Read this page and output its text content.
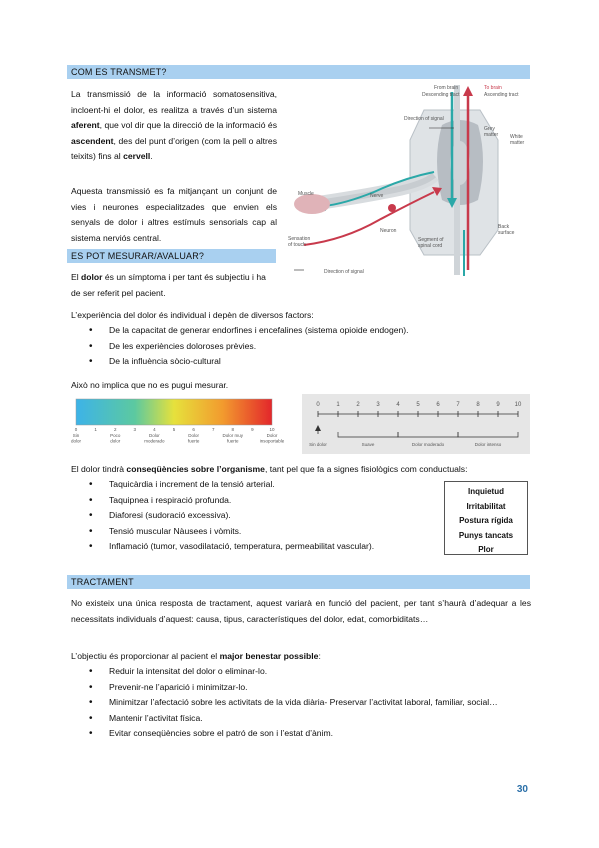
COM ES TRANSMET?

La transmissió de la informació somatosensitiva, incloent-hi el dolor, es realitza a través d’un sistema aferent, que vol dir que la direcció de la informació és ascendent, des del punt d’origen (com la pell o altres teixits) fins al cervell.

Aquesta transmissió es fa mitjançant un conjunt de vies i neurones especialitzades que envien els senyals de dolor i altres estímuls sensorials cap al sistema nerviós central.

From brain
Descending tract
To brain
Ascending tract
Direction of signal
Grey
matter White
matter
Muscle	Nerve
Neuron
Sensation
of touch
Segment of
spinal cord
Back
surface
Direction of signal
ES POT MESURAR/AVALUAR?

El dolor és un símptoma i per tant és subjectiu i ha de ser referit pel pacient.

L’experiència del dolor és individual i depèn de diversos factors:

• De la capacitat de generar endorfines i encefalines (sistema opioide endogen).
• De les experiències doloroses prèvies.
• De la influència sòcio-cultural

Això no implica que no es pugui mesurar.

0	1	2	3	4	5	6	7	8	9	10
Sin
dolor
Poco
dolor
Dolor
moderado
Dolor
fuerte
Dolor muy
fuerte
Dolor
insoportable
0	1	2	3	4	5	6	7	8	9 10
Sin dolor	Suave	Dolor moderado	Dolor intenso

El dolor tindrà conseqüències sobre l’organisme, tant pel que fa a signes fisiològics com conductuals:

• Taquicàrdia i increment de la tensió arterial.
• Taquipnea i respiració profunda.
• Diaforesi (sudoració excessiva).
• Tensió muscular Nàusees i vòmits.
• Inflamació (tumor, vasodilatació, temperatura, permeabilitat vascular).
Inquietud
Irritabilitat
Postura rígida
Punys tancats
Plor
TRACTAMENT

No existeix una única resposta de tractament, aquest variarà en funció del pacient, per tant s’haurà d’adequar a les necessitats individuals d’aquest: causa, tipus, característiques del dolor, edat, comorbiditats…

L’objectiu és proporcionar al pacient el major benestar possible:

• Reduir la intensitat del dolor o eliminar-lo.
• Prevenir-ne l’aparició i minimitzar-lo.
• Minimitzar l’afectació sobre les activitats de la vida diària- Preservar l’activitat laboral, familiar, social…
• Mantenir l’activitat física.
• Evitar conseqüències sobre el patró de son i l’estat d’ànim.
30
